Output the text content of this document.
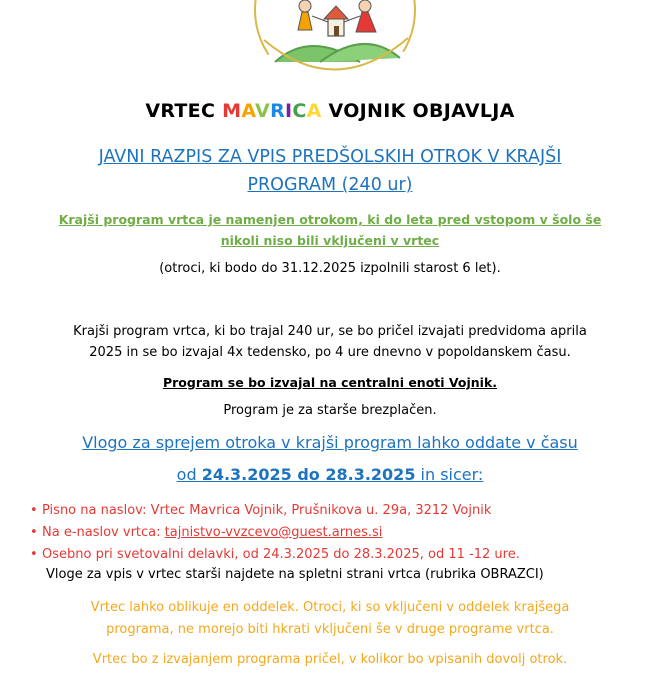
VRTEC MAVRICA VOJNIK OBJAVLJA
JAVNI RAZPIS ZA VPIS PREDŠOLSKIH OTROK V KRAJŠI
PROGRAM (240 ur)
Krajši program vrtca je namenjen otrokom, ki do leta pred vstopom v šolo še
nikoli niso bili vključeni v vrtec
(otroci, ki bodo do 31.12.2025 izpolnili starost 6 let).
Krajši program vrtca, ki bo trajal 240 ur, se bo pričel izvajati predvidoma aprila
2025 in se bo izvajal 4x tedensko, po 4 ure dnevno v popoldanskem času.
Program se bo izvajal na centralni enoti Vojnik.
Program je za starše brezplačen.
Vlogo za sprejem otroka v krajši program lahko oddate v času
od 24.3.2025 do 28.3.2025 in sicer:
• Pisno na naslov: Vrtec Mavrica Vojnik, Prušnikova u. 29a, 3212 Vojnik
• Na e-naslov vrtca: tajnistvo-vvzcevo@guest.arnes.si
• Osebno pri svetovalni delavki, od 24.3.2025 do 28.3.2025, od 11 -12 ure.
Vloge za vpis v vrtec starši najdete na spletni strani vrtca (rubrika OBRAZCI)
Vrtec lahko oblikuje en oddelek. Otroci, ki so vključeni v oddelek krajšega
programa, ne morejo biti hkrati vključeni še v druge programe vrtca.
Vrtec bo z izvajanjem programa pričel, v kolikor bo vpisanih dovolj otrok.
